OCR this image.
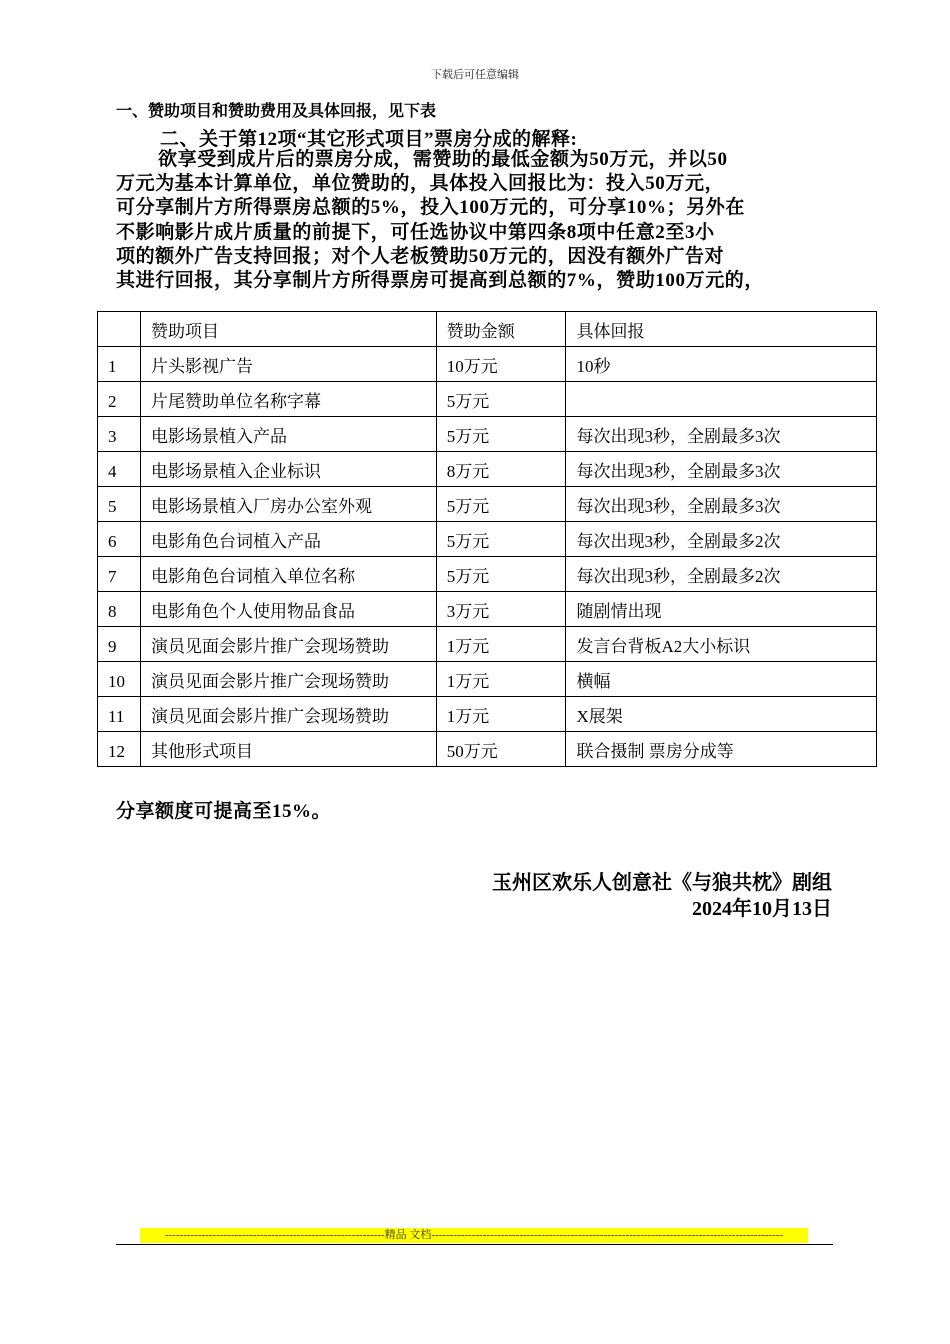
下载后可任意编辑
一、赞助项目和赞助费用及具体回报，见下表
二、关于第12项“其它形式项目”票房分成的解释:
欲享受到成片后的票房分成，需赞助的最低金额为50万元，并以50
万元为基本计算单位，单位赞助的，具体投入回报比为：投入50万元，
可分享制片方所得票房总额的5%，投入100万元的，可分享10%；另外在
不影响影片成片质量的前提下，可任选协议中第四条8项中任意2至3小
项的额外广告支持回报；对个人老板赞助50万元的，因没有额外广告对
其进行回报，其分享制片方所得票房可提高到总额的7%，赞助100万元的，
	赞助项目	赞助金额	具体回报
1	片头影视广告	10万元	10秒
2	片尾赞助单位名称字幕	5万元	
3	电影场景植入产品	5万元	每次出现3秒，全剧最多3次
4	电影场景植入企业标识	8万元	每次出现3秒，全剧最多3次
5	电影场景植入厂房办公室外观	5万元	每次出现3秒，全剧最多3次
6	电影角色台词植入产品	5万元	每次出现3秒，全剧最多2次
7	电影角色台词植入单位名称	5万元	每次出现3秒，全剧最多2次
8	电影角色个人使用物品食品	3万元	随剧情出现
9	演员见面会影片推广会现场赞助	1万元	发言台背板A2大小标识
10	演员见面会影片推广会现场赞助	1万元	横幅
11	演员见面会影片推广会现场赞助	1万元	X展架
12	其他形式项目	50万元	联合摄制 票房分成等
分享额度可提高至15%。
玉州区欢乐人创意社《与狼共枕》剧组
2024年10月13日
------------------------------------------------------------精品 文档------------------------------------------------------------------------------------------------
